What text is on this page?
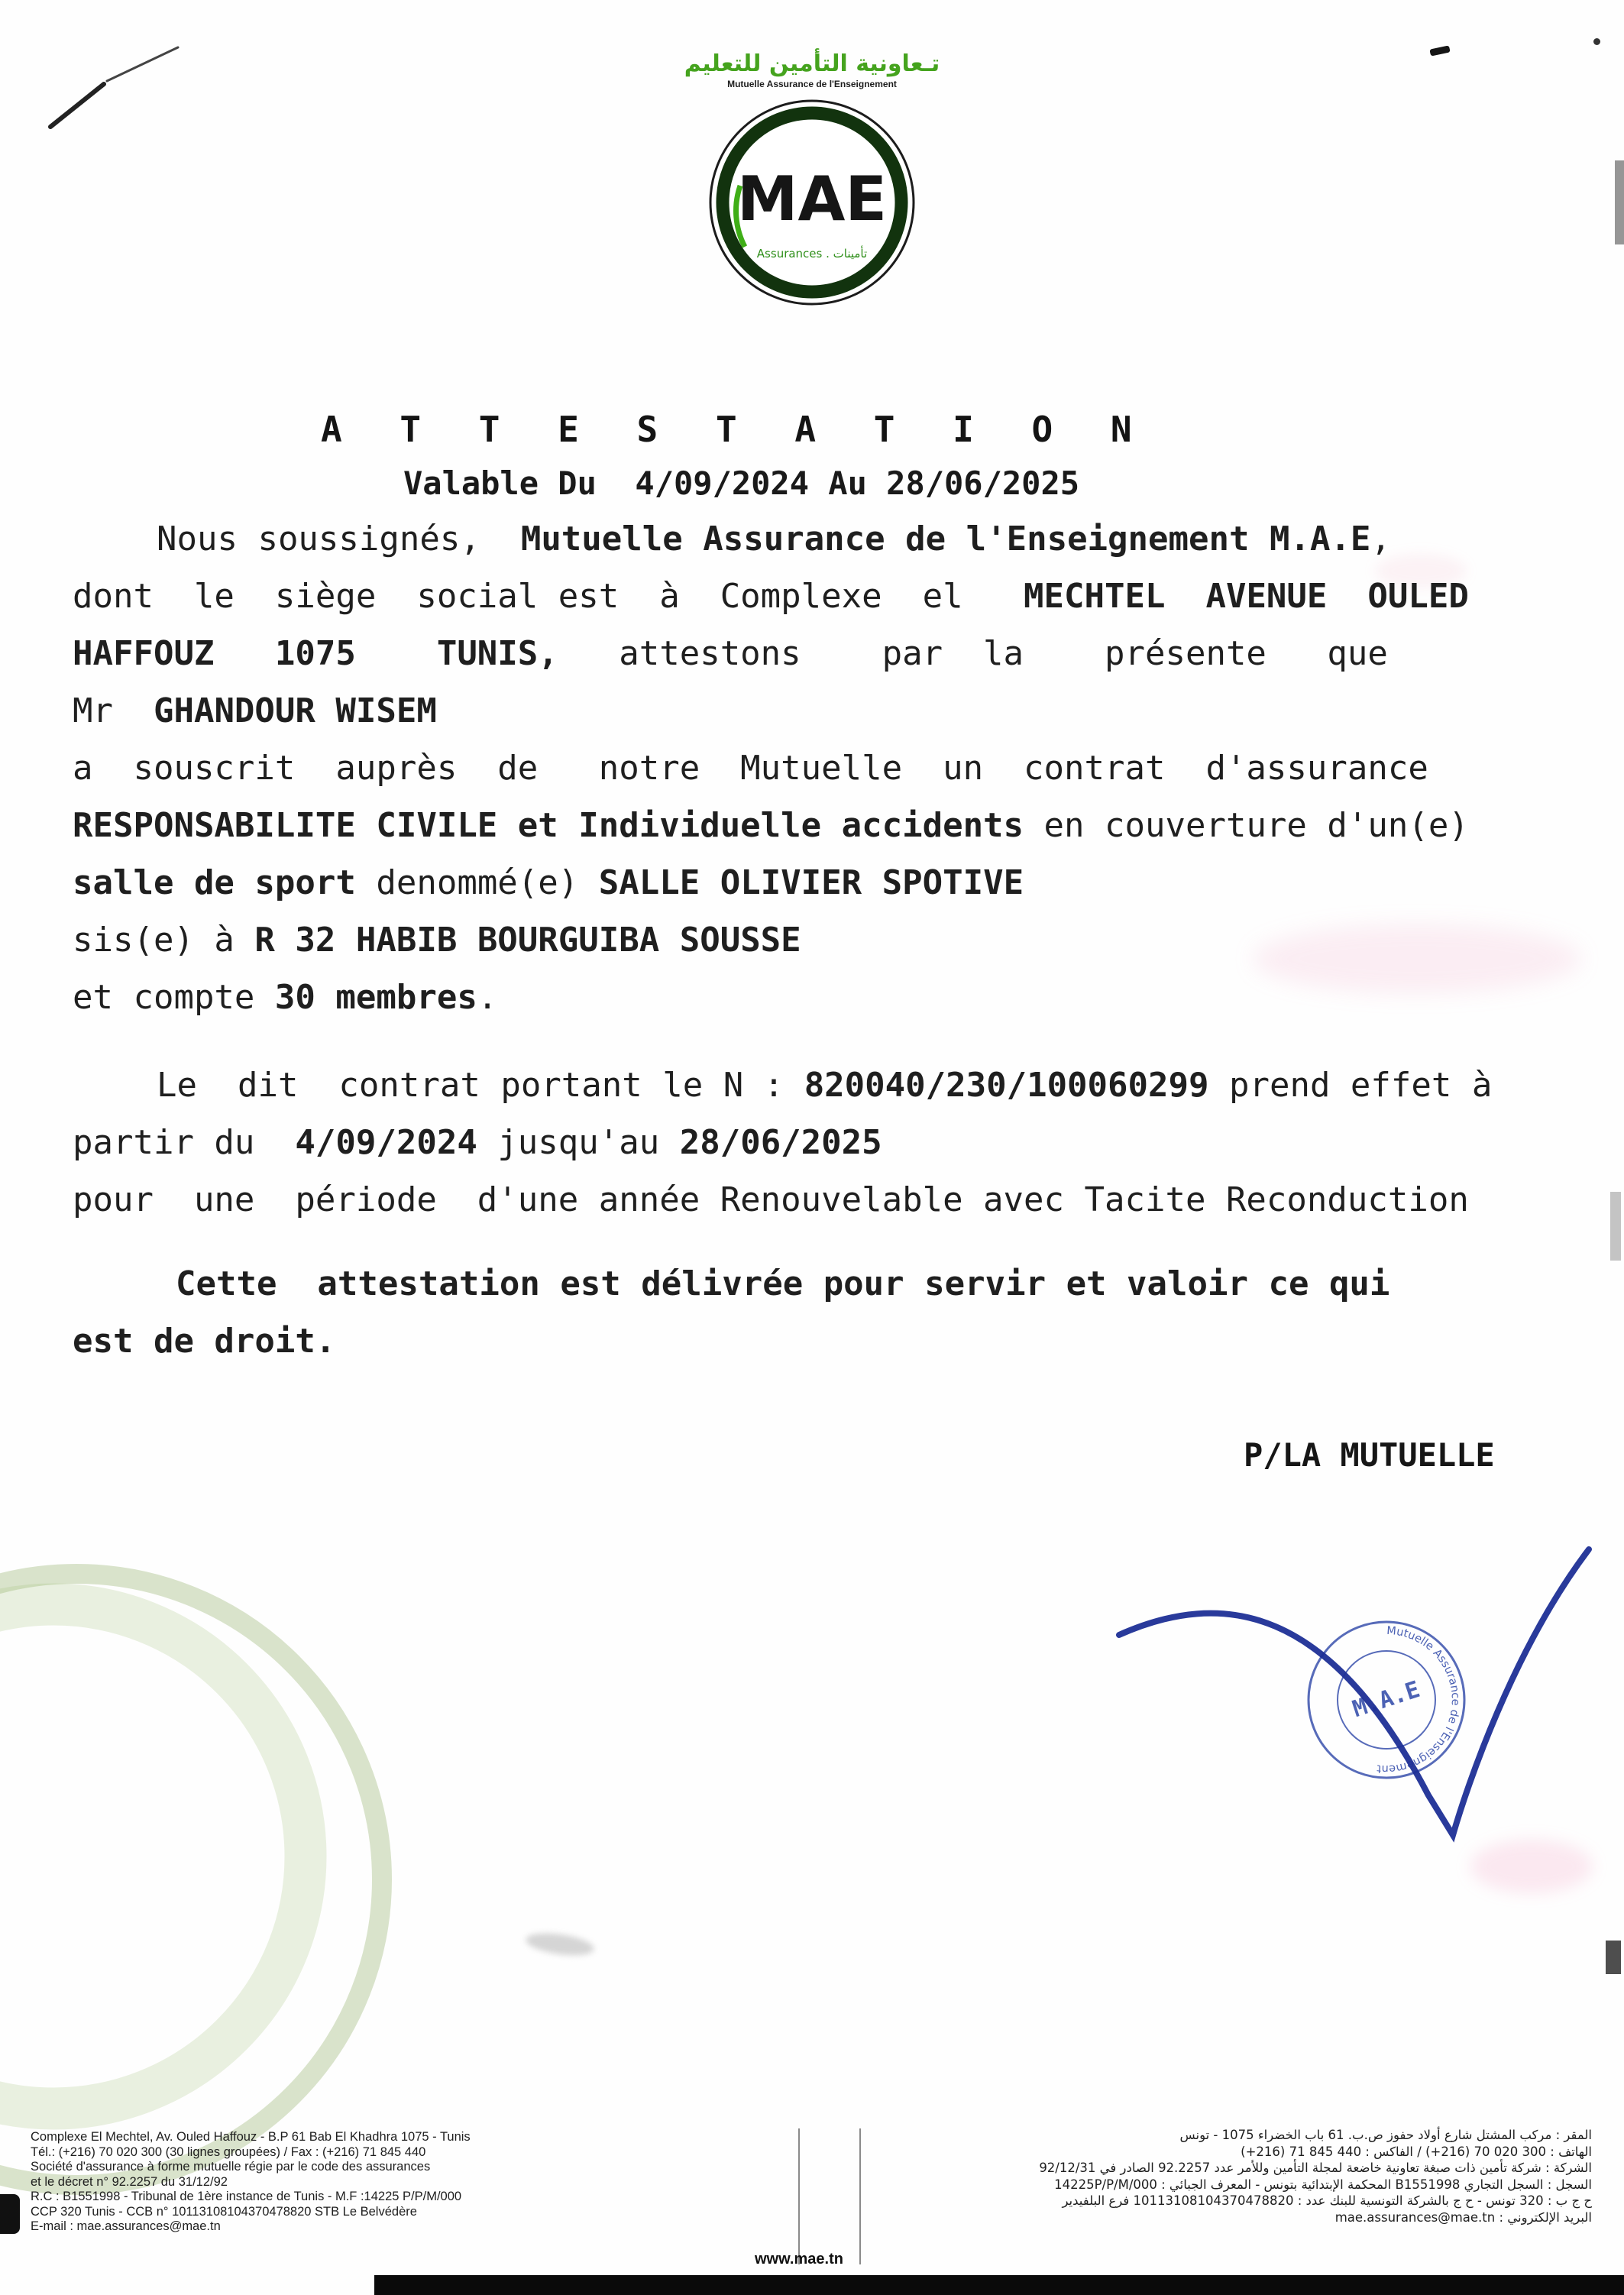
تـعاونية التأمين للتعليم
Mutuelle Assurance de l'Enseignement
MAE
Assurances . تأمينات
A T T E S T A T I O N
Valable Du  4/09/2024 Au 28/06/2025
Nous soussignés,  Mutuelle Assurance de l'Enseignement M.A.E,
dont  le  siège  social est  à  Complexe  el   MECHTEL  AVENUE  OULED
HAFFOUZ   1075    TUNIS,   attestons    par  la    présente   que
Mr  GHANDOUR WISEM
a  souscrit  auprès  de   notre  Mutuelle  un  contrat  d'assurance
RESPONSABILITE CIVILE et Individuelle accidents en couverture d'un(e)
salle de sport denommé(e) SALLE OLIVIER SPOTIVE
sis(e) à R 32 HABIB BOURGUIBA SOUSSE
et compte 30 membres.
Le  dit  contrat portant le N : 820040/230/100060299 prend effet à
partir du  4/09/2024 jusqu'au 28/06/2025
pour  une  période  d'une année Renouvelable avec Tacite Reconduction
Cette  attestation est délivrée pour servir et valoir ce qui
est de droit.
P/LA MUTUELLE
Mutuelle Assurance de l'Enseignement
M.A.E
Complexe El Mechtel, Av. Ouled Haffouz - B.P 61 Bab El Khadhra 1075 - Tunis
Tél.: (+216) 70 020 300 (30 lignes groupées) / Fax : (+216) 71 845 440
Société d'assurance à forme mutuelle régie par le code des assurances
et le décret n° 92.2257 du 31/12/92
R.C : B1551998 - Tribunal de 1ère instance de Tunis - M.F :14225 P/P/M/000
CCP 320 Tunis - CCB n° 10113108104370478820 STB Le Belvédère
E-mail : mae.assurances@mae.tn
المقر : مركب المشتل شارع أولاد حفوز ص.ب. 61 باب الخضراء 1075 - تونس
الهاتف : 300 020 70 (216+) / الفاكس : 440 845 71 (216+)
الشركة : شركة تأمين ذات صبغة تعاونية خاضعة لمجلة التأمين وللأمر عدد 92.2257 الصادر في 92/12/31
السجل : السجل التجاري B1551998 المحكمة الإبتدائية بتونس - المعرف الجبائي : 14225P/P/M/000
ح ج ب : 320 تونس - ح ج بالشركة التونسية للبنك عدد : 10113108104370478820 فرع البلفيدير
البريد الإلكتروني : mae.assurances@mae.tn
www.mae.tn
